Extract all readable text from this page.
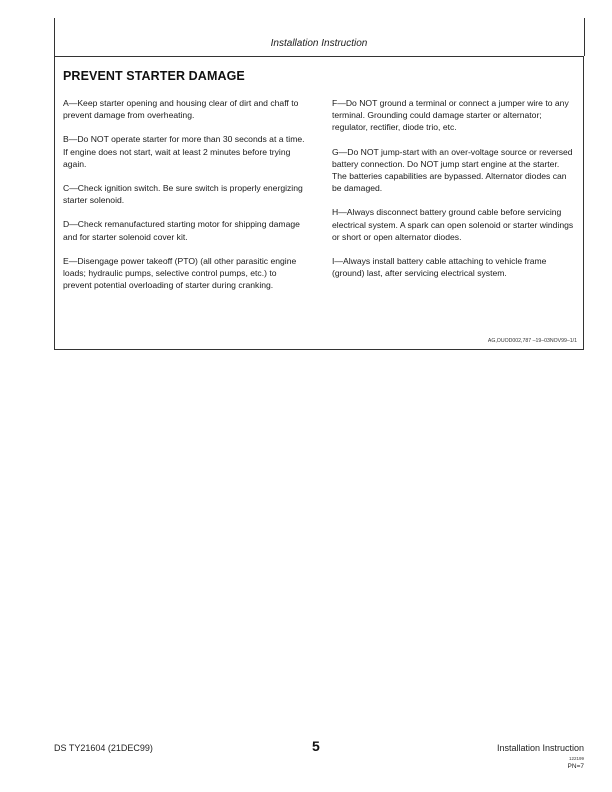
Installation Instruction
PREVENT STARTER DAMAGE

A—Keep starter opening and housing clear of dirt and chaff to prevent damage from overheating.

B—Do NOT operate starter for more than 30 seconds at a time. If engine does not start, wait at least 2 minutes before trying again.

C—Check ignition switch. Be sure switch is properly energizing starter solenoid.

D—Check remanufactured starting motor for shipping damage and for starter solenoid cover kit.

E—Disengage power takeoff (PTO) (all other parasitic engine loads; hydraulic pumps, selective control pumps, etc.) to prevent potential overloading of starter during cranking.

F—Do NOT ground a terminal or connect a jumper wire to any terminal. Grounding could damage starter or alternator; regulator, rectifier, diode trio, etc.

G—Do NOT jump-start with an over-voltage source or reversed battery connection. Do NOT jump start engine at the starter. The batteries capabilities are bypassed. Alternator diodes can be damaged.

H—Always disconnect battery ground cable before servicing electrical system. A spark can open solenoid or starter windings or short or open alternator diodes.

I—Always install battery cable attaching to vehicle frame (ground) last, after servicing electrical system.

AG,OUOD002,787 –19–03NOV99–1/1
DS TY21604 (21DEC99)	5	Installation Instruction
122199
PN=7
